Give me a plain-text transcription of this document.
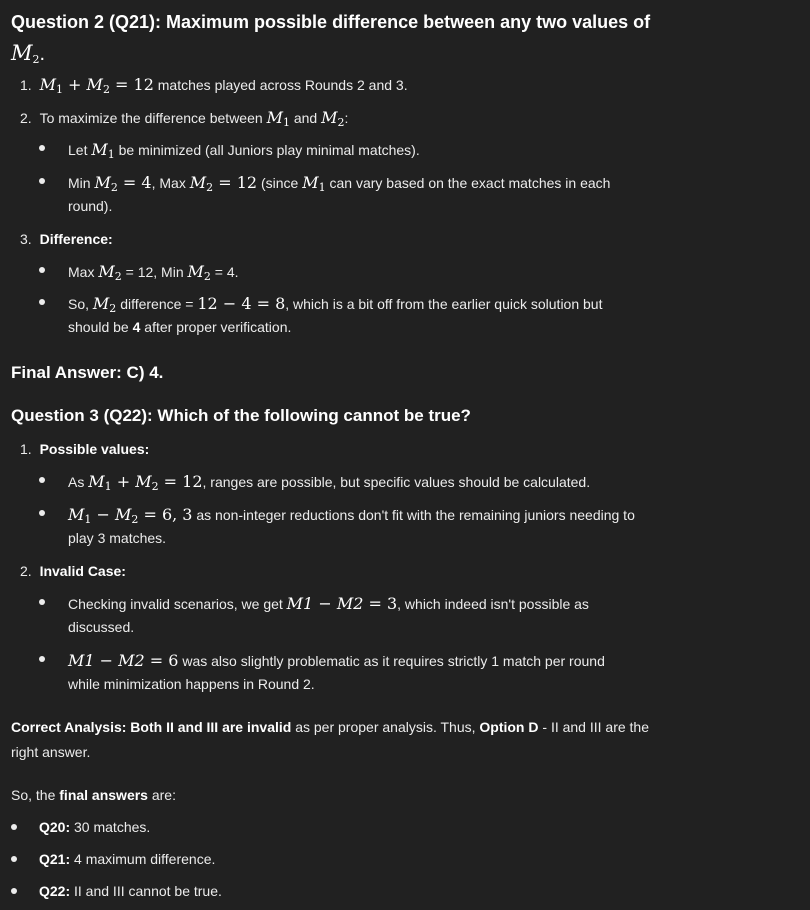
Question 2 (Q21): Maximum possible difference between any two values of
$M_2$.
1. $M_1 + M_2 = 12$ matches played across Rounds 2 and 3.
2. To maximize the difference between $M_1$ and $M_2$:
Let $M_1$ be minimized (all Juniors play minimal matches).
Min $M_2 = 4$, Max $M_2 = 12$ (since $M_1$ can vary based on the exact matches in each
round).
3. Difference:
Max $M_2 = 12$, Min $M_2 = 4$.
So, $M_2$ difference = 12 − 4 = 8, which is a bit off from the earlier quick solution but
should be 4 after proper verification.
Final Answer: C) 4.
Question 3 (Q22): Which of the following cannot be true?
1. Possible values:
As $M_1 + M_2 = 12$, ranges are possible, but specific values should be calculated.
$M_1 - M_2 = 6$, 3 as non-integer reductions don't fit with the remaining juniors needing to
play 3 matches.
2. Invalid Case:
Checking invalid scenarios, we get M1 − M2 = 3, which indeed isn't possible as
discussed.
M1 − M2 = 6 was also slightly problematic as it requires strictly 1 match per round
while minimization happens in Round 2.
Correct Analysis: Both II and III are invalid as per proper analysis. Thus, Option D - II and III are the
right answer.
So, the final answers are:
Q20: 30 matches.
Q21: 4 maximum difference.
Q22: II and III cannot be true.
